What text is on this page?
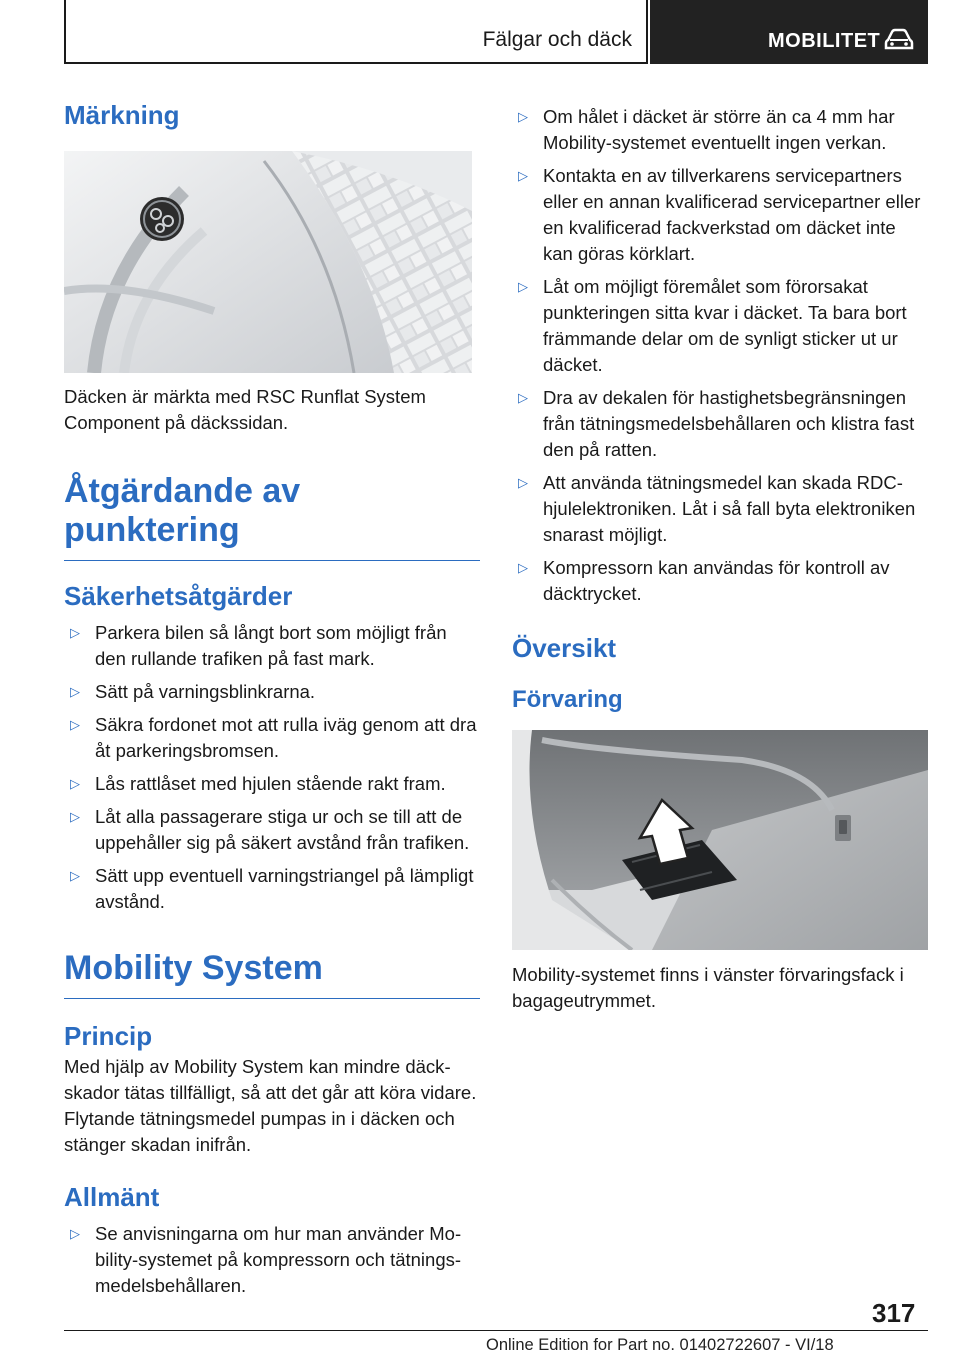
Fälgar och däck	MOBILITET
Märkning

Däcken är märkta med RSC Runflat System Component på däckssidan.

Åtgärdande av punktering
Säkerhetsåtgärder
▷ Parkera bilen så långt bort som möjligt från den rullande trafiken på fast mark.
▷ Sätt på varningsblinkrarna.
▷ Säkra fordonet mot att rulla iväg genom att dra åt parkeringsbromsen.
▷ Lås rattlåset med hjulen stående rakt fram.
▷ Låt alla passagerare stiga ur och se till att de uppehåller sig på säkert avstånd från trafiken.
▷ Sätt upp eventuell varningstriangel på lämpligt avstånd.
Mobility System
Princip

Med hjälp av Mobility System kan mindre däckskador tätas tillfälligt, så att det går att köra vidare. Flytande tätningsmedel pumpas in i däcken och stänger skadan inifrån.

Allmänt
▷ Se anvisningarna om hur man använder Mobility-systemet på kompressorn och tätningsmedelsbehållaren.
▷ Om hålet i däcket är större än ca 4 mm har Mobility-systemet eventuellt ingen verkan.
▷ Kontakta en av tillverkarens servicepartners eller en annan kvalificerad servicepartner eller en kvalificerad fackverkstad om däcket inte kan göras körklart.
▷ Låt om möjligt föremålet som förorsakat punkteringen sitta kvar i däcket. Ta bara bort främmande delar om de synligt sticker ut ur däcket.
▷ Dra av dekalen för hastighetsbegränsningen från tätningsmedelsbehållaren och klistra fast den på ratten.
▷ Att använda tätningsmedel kan skada RDC-hjulelektroniken. Låt i så fall byta elektroniken snarast möjligt.
▷ Kompressorn kan användas för kontroll av däcktrycket.
Översikt
Förvaring

Mobility-systemet finns i vänster förvaringsfack i bagageutrymmet.

317
Online Edition for Part no. 01402722607 - VI/18
